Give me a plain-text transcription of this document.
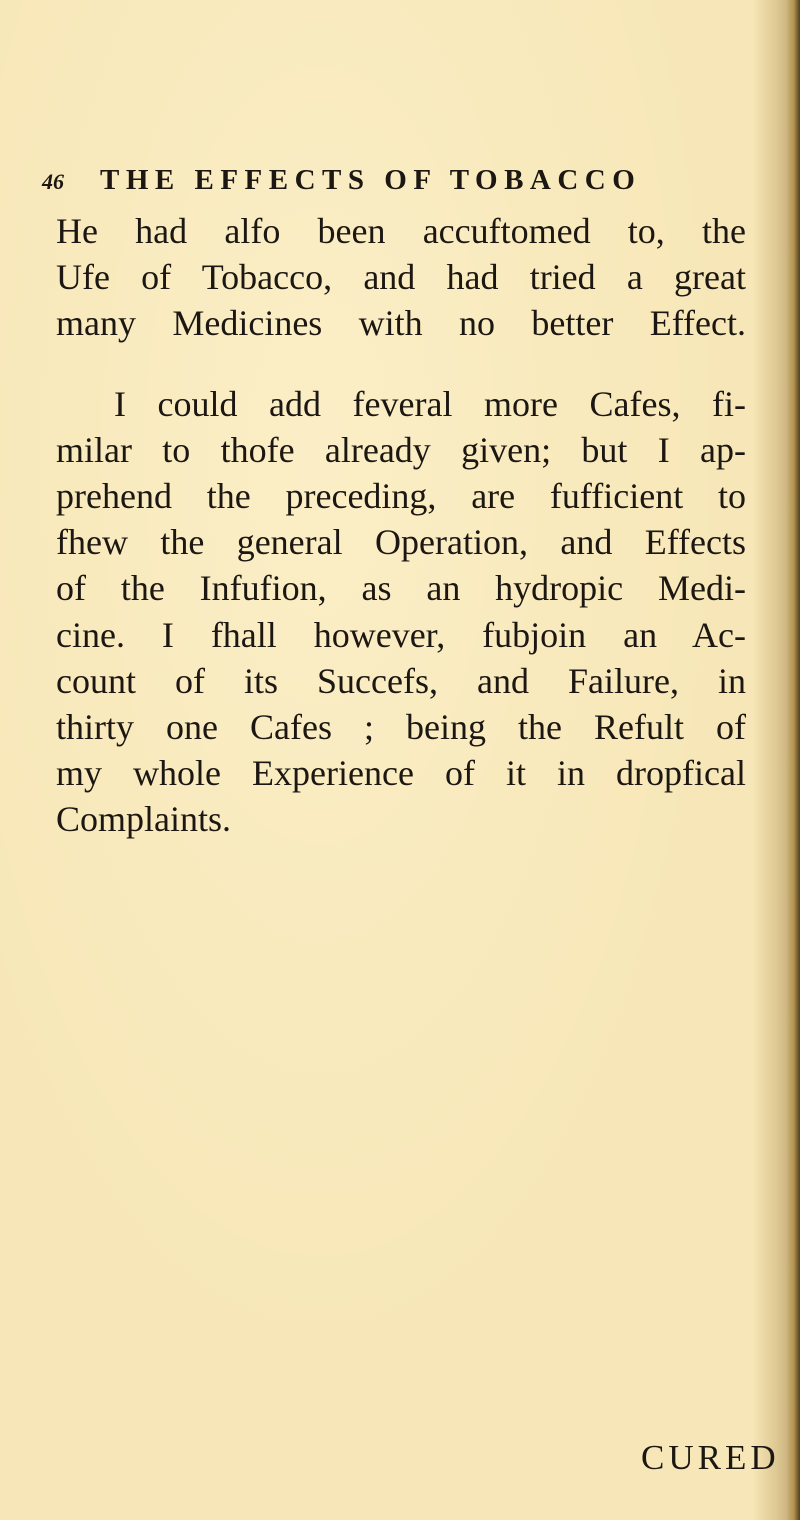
46 THE EFFECTS OF TOBACCO
He had alfo been accuftomed to, the
Ufe of Tobacco, and had tried a great
many Medicines with no better Effect.
I could add feveral more Cafes, fi-
milar to thofe already given; but I ap-
prehend the preceding, are fufficient to
fhew the general Operation, and Effects
of the Infufion, as an hydropic Medi-
cine. I fhall however, fubjoin an Ac-
count of its Succefs, and Failure, in
thirty one Cafes ; being the Refult of
my whole Experience of it in dropfical
Complaints.
CURED
